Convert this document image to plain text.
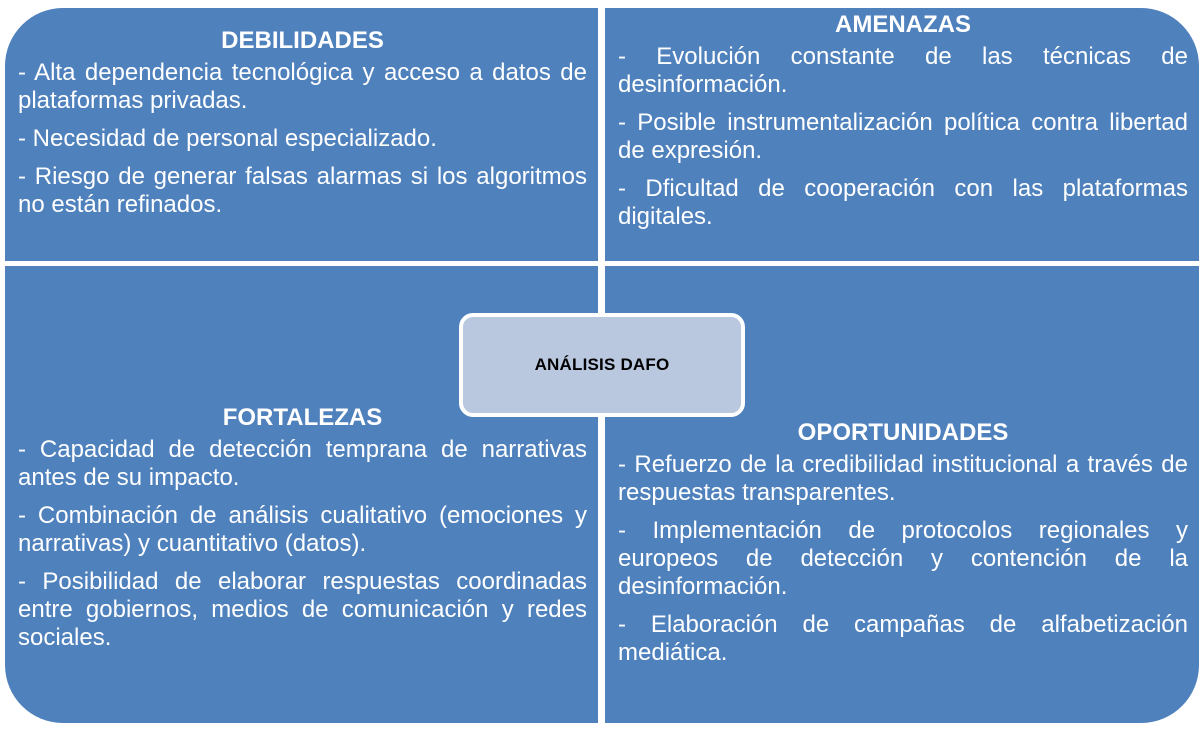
DEBILIDADES
- Alta dependencia tecnológica y acceso a datos de plataformas privadas.
- Necesidad de personal especializado.
- Riesgo de generar falsas alarmas si los algoritmos no están refinados.
AMENAZAS
- Evolución constante de las técnicas de desinformación.
- Posible instrumentalización política contra libertad de expresión.
- Dficultad de cooperación con las plataformas digitales.
FORTALEZAS
- Capacidad de detección temprana de narrativas antes de su impacto.
- Combinación de análisis cualitativo (emociones y narrativas) y cuantitativo (datos).
- Posibilidad de elaborar respuestas coordinadas entre gobiernos, medios de comunicación y redes sociales.
OPORTUNIDADES
- Refuerzo de la credibilidad institucional a través de respuestas transparentes.
- Implementación de protocolos regionales y europeos de detección y contención de la desinformación.
- Elaboración de campañas de alfabetización mediática.
ANÁLISIS DAFO
